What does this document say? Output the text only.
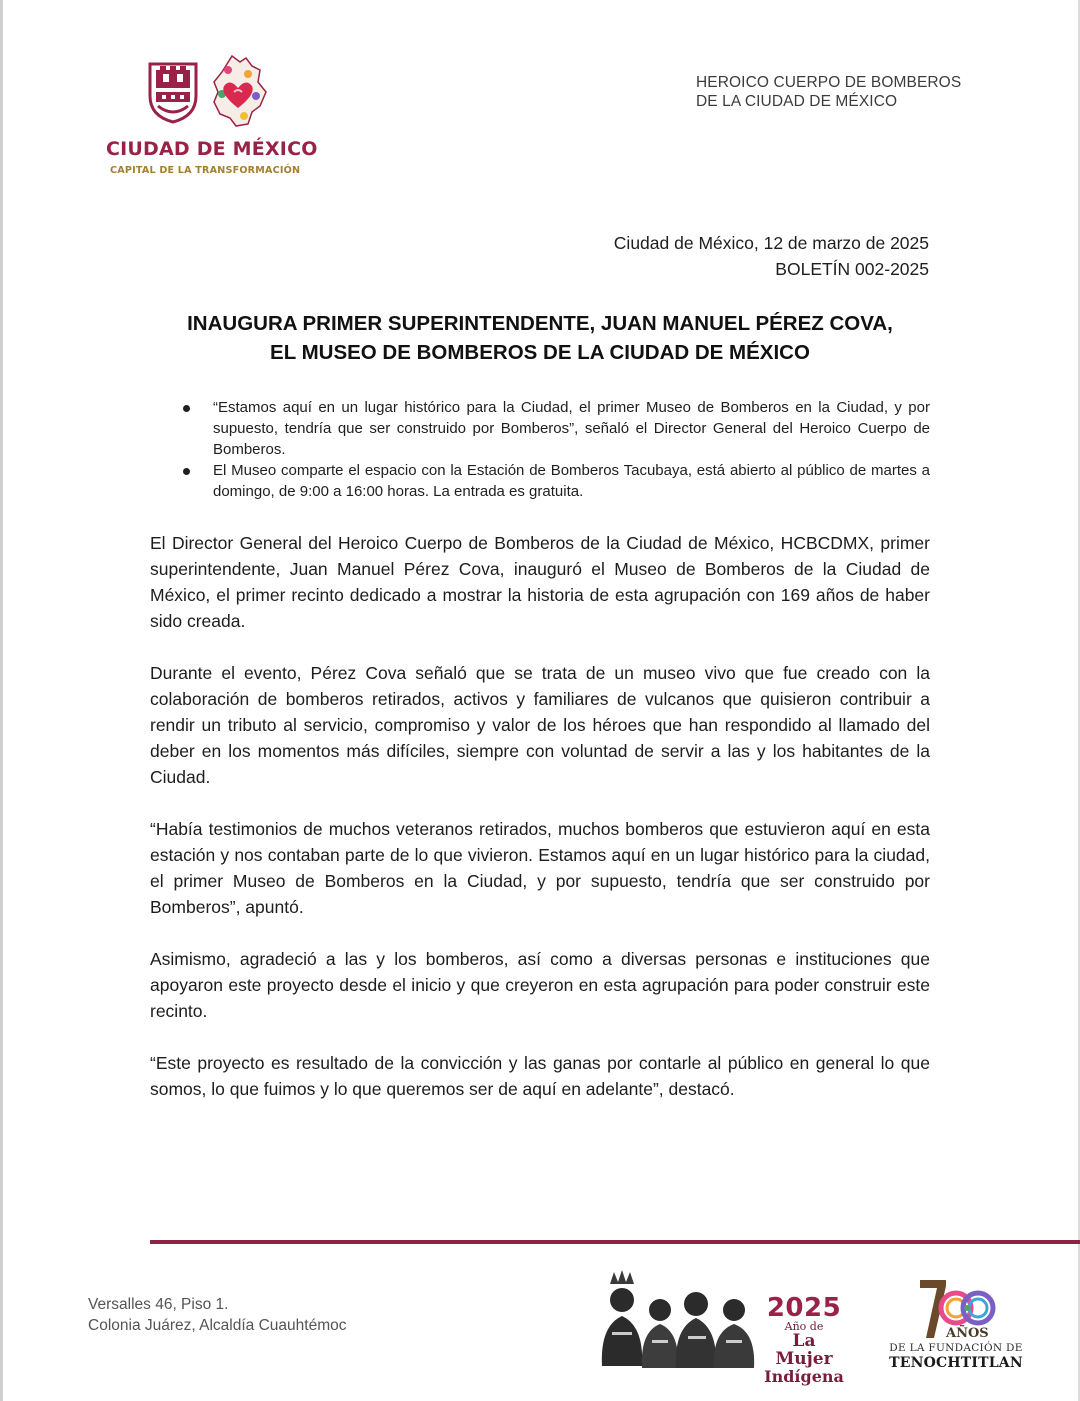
CIUDAD DE MÉXICO
CAPITAL DE LA TRANSFORMACIÓN
HEROICO CUERPO DE BOMBEROS
DE LA CIUDAD DE MÉXICO
Ciudad de México, 12 de marzo de 2025
BOLETÍN 002-2025
INAUGURA PRIMER SUPERINTENDENTE, JUAN MANUEL PÉREZ COVA,
EL MUSEO DE BOMBEROS DE LA CIUDAD DE MÉXICO
“Estamos aquí en un lugar histórico para la Ciudad, el primer Museo de Bomberos en la Ciudad, y por supuesto, tendría que ser construido por Bomberos”, señaló el Director General del Heroico Cuerpo de Bomberos.
El Museo comparte el espacio con la Estación de Bomberos Tacubaya, está abierto al público de martes a domingo, de 9:00 a 16:00 horas. La entrada es gratuita.

El Director General del Heroico Cuerpo de Bomberos de la Ciudad de México, HCBCDMX, primer superintendente, Juan Manuel Pérez Cova, inauguró el Museo de Bomberos de la Ciudad de México, el primer recinto dedicado a mostrar la historia de esta agrupación con 169 años de haber sido creada.

Durante el evento, Pérez Cova señaló que se trata de un museo vivo que fue creado con la colaboración de bomberos retirados, activos y familiares de vulcanos que quisieron contribuir a rendir un tributo al servicio, compromiso y valor de los héroes que han respondido al llamado del deber en los momentos más difíciles, siempre con voluntad de servir a las y los habitantes de la Ciudad.

“Había testimonios de muchos veteranos retirados, muchos bomberos que estuvieron aquí en esta estación y nos contaban parte de lo que vivieron. Estamos aquí en un lugar histórico para la ciudad, el primer Museo de Bomberos en la Ciudad, y por supuesto, tendría que ser construido por Bomberos”, apuntó.

Asimismo, agradeció a las y los bomberos, así como a diversas personas e instituciones que apoyaron este proyecto desde el inicio y que creyeron en esta agrupación para poder construir este recinto.

“Este proyecto es resultado de la convicción y las ganas por contarle al público en general lo que somos, lo que fuimos y lo que queremos ser de aquí en adelante”, destacó.

Versalles 46, Piso 1.
Colonia Juárez, Alcaldía Cuauhtémoc
2025
Año de
La Mujer
Indígena
AÑOS
DE LA FUNDACIÓN DE
TENOCHTITLAN
